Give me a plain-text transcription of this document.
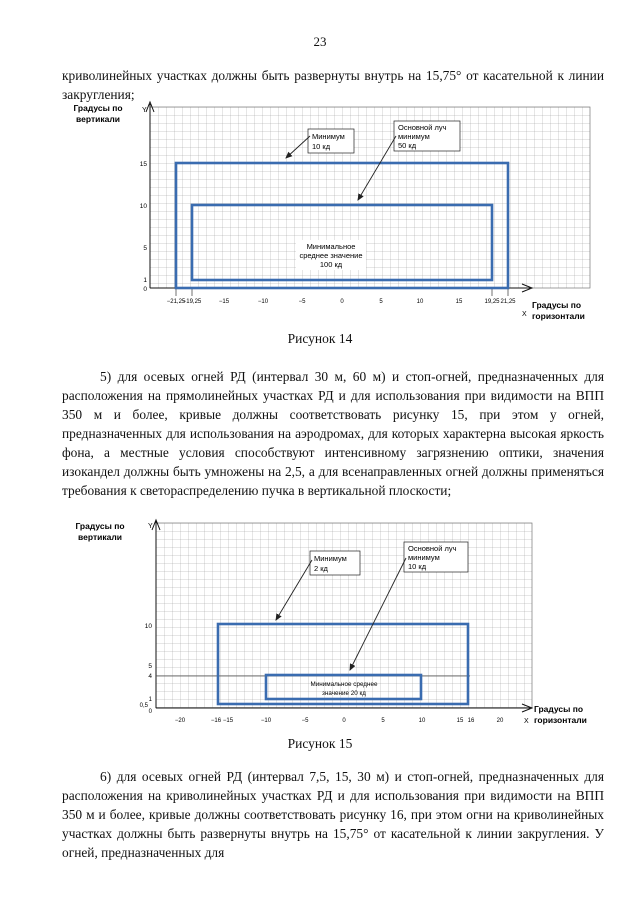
23

криволинейных участках должны быть развернуты внутрь на 15,75° от касательной к линии закругления;

Градусы по
вертикали
Y
15
10
5
1
0
−21,25
−19,25	−15	−10	−5	0	5	10	15	19,25 21,25
X
Градусы по
горизонтали
Минимум
10 кд
Основной луч
минимум
50 кд
Минимальное
среднее значение
100 кд
Рисунок 14

5) для осевых огней РД (интервал 30 м, 60 м) и стоп-огней, предназначенных для расположения на прямолинейных участках РД и для использования при видимости на ВПП 350 м и более, кривые должны соответствовать рисунку 15, при этом у огней, предназначенных для использования на аэродромах, для которых характерна высокая яркость фона, а местные условия способствуют интенсивному загрязнению оптики, значения изокандел должны быть умножены на 2,5, а для всенаправленных огней должны применяться требования к светораспределению пучка в вертикальной плоскости;

Градусы по
вертикали
Y
10
5
4
1
0,5
0
−20	−16 −15	−10	−5	0	5	10	15 16	20	X
Градусы по
горизонтали
Минимум
2 кд
Основной луч
минимум
10 кд
Минимальное среднее
значение 20 кд
Рисунок 15

6) для осевых огней РД (интервал 7,5, 15, 30 м) и стоп-огней, предназначенных для расположения на криволинейных участках РД и для использования при видимости на ВПП 350 м и более, кривые должны соответствовать рисунку 16, при этом огни на криволинейных участках должны быть развернуты внутрь на 15,75° от касательной к линии закругления. У огней, предназначенных для
